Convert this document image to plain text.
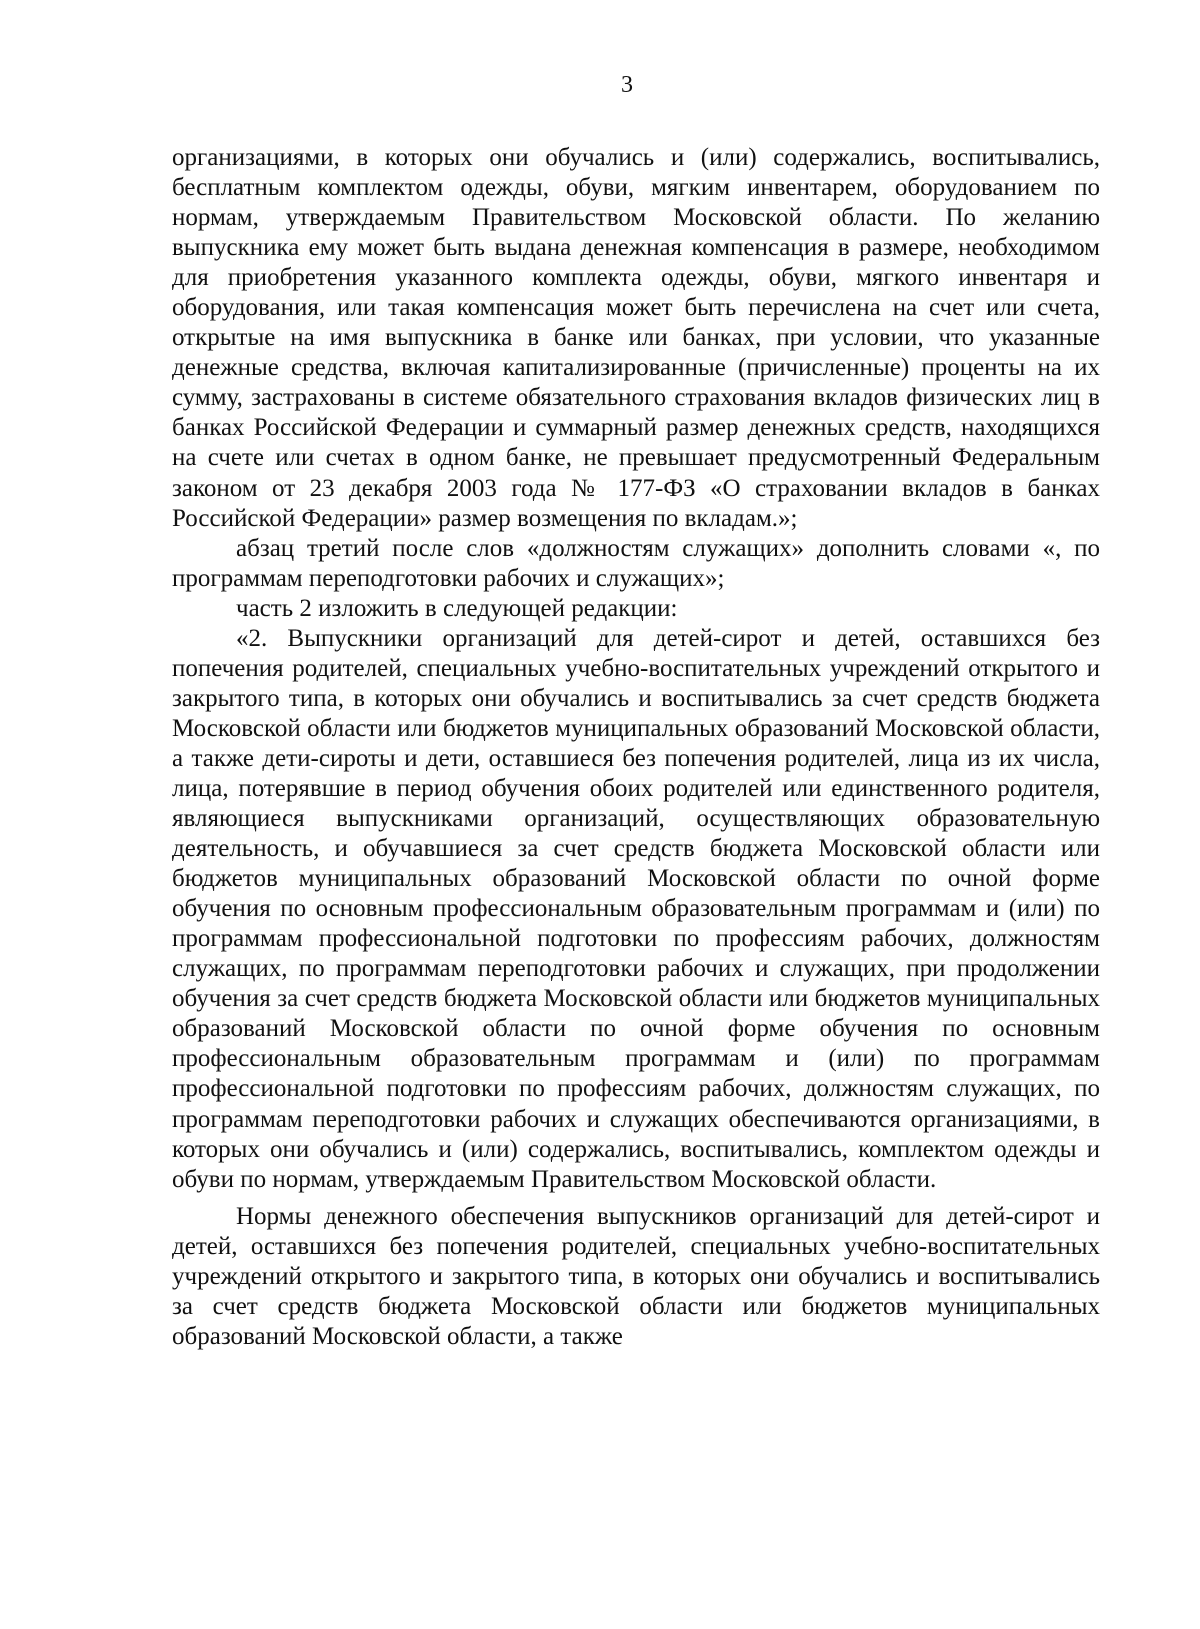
3

организациями, в которых они обучались и (или) содержались, воспитывались, бесплатным комплектом одежды, обуви, мягким инвентарем, оборудованием по нормам, утверждаемым Правительством Московской области. По желанию выпускника ему может быть выдана денежная компенсация в размере, необходимом для приобретения указанного комплекта одежды, обуви, мягкого инвентаря и оборудования, или такая компенсация может быть перечислена на счет или счета, открытые на имя выпускника в банке или банках, при условии, что указанные денежные средства, включая капитализированные (причисленные) проценты на их сумму, застрахованы в системе обязательного страхования вкладов физических лиц в банках Российской Федерации и суммарный размер денежных средств, находящихся на счете или счетах в одном банке, не превышает предусмотренный Федеральным законом от 23 декабря 2003 года № 177-ФЗ «О страховании вкладов в банках Российской Федерации» размер возмещения по вкладам.»;

абзац третий после слов «должностям служащих» дополнить словами «, по программам переподготовки рабочих и служащих»;

часть 2 изложить в следующей редакции:

«2. Выпускники организаций для детей-сирот и детей, оставшихся без попечения родителей, специальных учебно-воспитательных учреждений открытого и закрытого типа, в которых они обучались и воспитывались за счет средств бюджета Московской области или бюджетов муниципальных образований Московской области, а также дети-сироты и дети, оставшиеся без попечения родителей, лица из их числа, лица, потерявшие в период обучения обоих родителей или единственного родителя, являющиеся выпускниками организаций, осуществляющих образовательную деятельность, и обучавшиеся за счет средств бюджета Московской области или бюджетов муниципальных образований Московской области по очной форме обучения по основным профессиональным образовательным программам и (или) по программам профессиональной подготовки по профессиям рабочих, должностям служащих, по программам переподготовки рабочих и служащих, при продолжении обучения за счет средств бюджета Московской области или бюджетов муниципальных образований Московской области по очной форме обучения по основным профессиональным образовательным программам и (или) по программам профессиональной подготовки по профессиям рабочих, должностям служащих, по программам переподготовки рабочих и служащих обеспечиваются организациями, в которых они обучались и (или) содержались, воспитывались, комплектом одежды и обуви по нормам, утверждаемым Правительством Московской области.

Нормы денежного обеспечения выпускников организаций для детей-сирот и детей, оставшихся без попечения родителей, специальных учебно-воспитательных учреждений открытого и закрытого типа, в которых они обучались и воспитывались за счет средств бюджета Московской области или бюджетов муниципальных образований Московской области, а также
